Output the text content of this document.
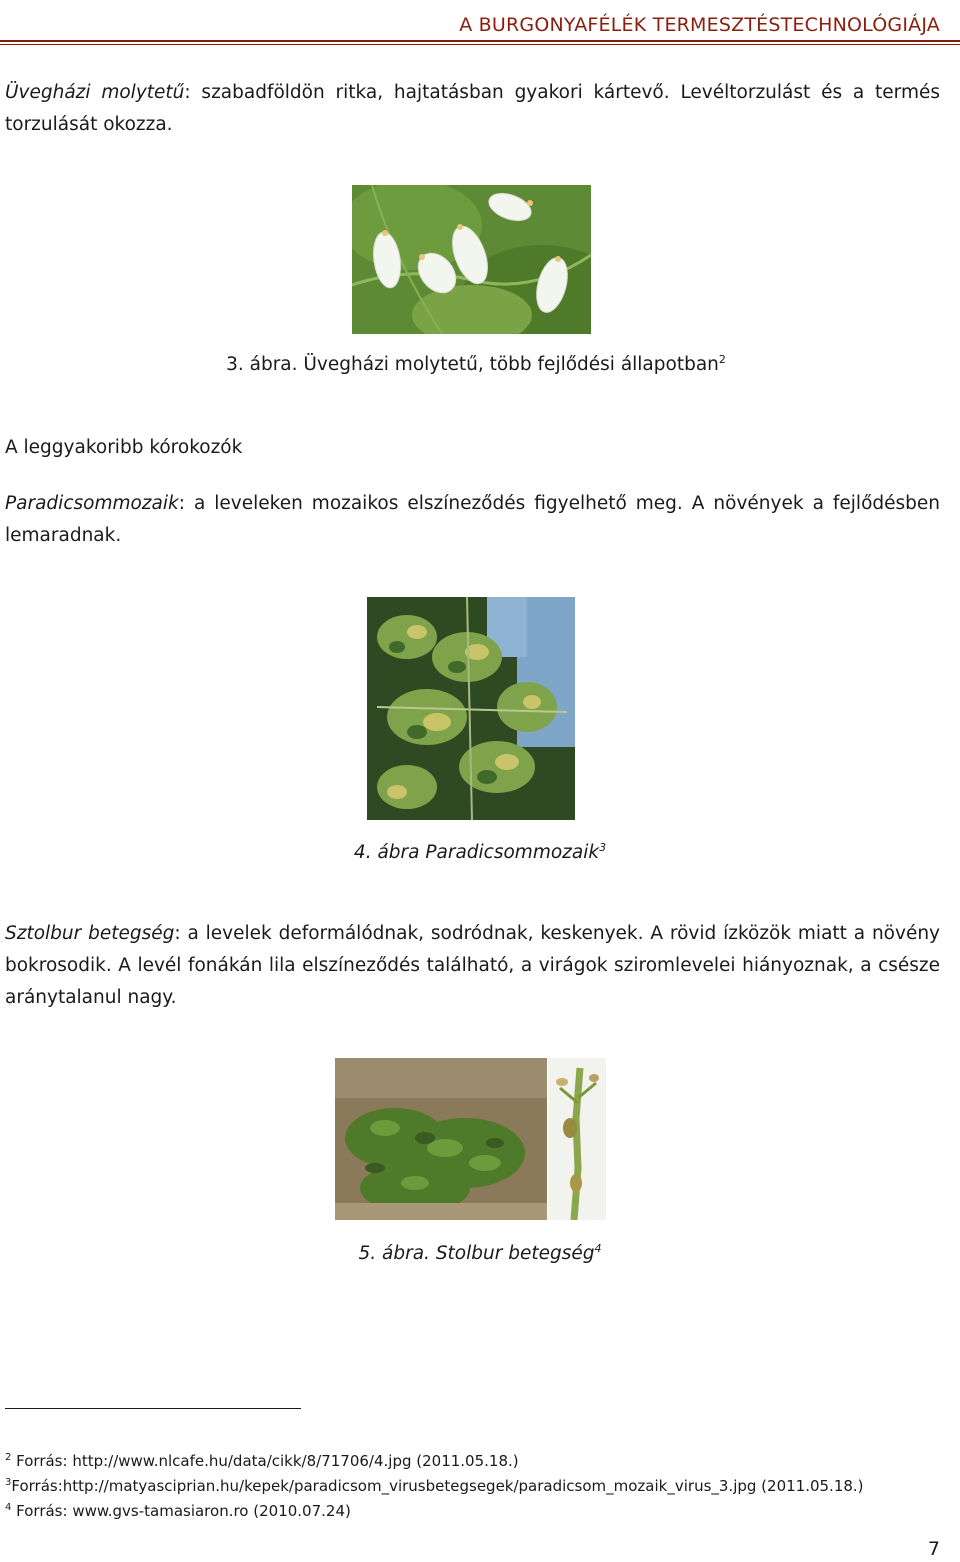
A BURGONYAFÉLÉK TERMESZTÉSTECHNOLÓGIÁJA
Üvegházi molytetű: szabadföldön ritka, hajtatásban gyakori kártevő. Levéltorzulást és a termés torzulását okozza.
3. ábra. Üvegházi molytetű, több fejlődési állapotban$^2$
A leggyakoribb kórokozók
Paradicsommozaik: a leveleken mozaikos elszíneződés figyelhető meg. A növények a fejlődésben lemaradnak.
4. ábra Paradicsommozaik$^3$
Sztolbur betegség: a levelek deformálódnak, sodródnak, keskenyek. A rövid ízközök miatt a növény bokrosodik. A levél fonákán lila elszíneződés található, a virágok sziromlevelei hiányoznak, a csésze aránytalanul nagy.
5. ábra. Stolbur betegség$^4$
$^2$ Forrás: http://www.nlcafe.hu/data/cikk/8/71706/4.jpg (2011.05.18.)
$^3$Forrás:http://matyasciprian.hu/kepek/paradicsom_virusbetegsegek/paradicsom_mozaik_virus_3.jpg (2011.05.18.)
$^4$ Forrás: www.gvs-tamasiaron.ro (2010.07.24)
7
